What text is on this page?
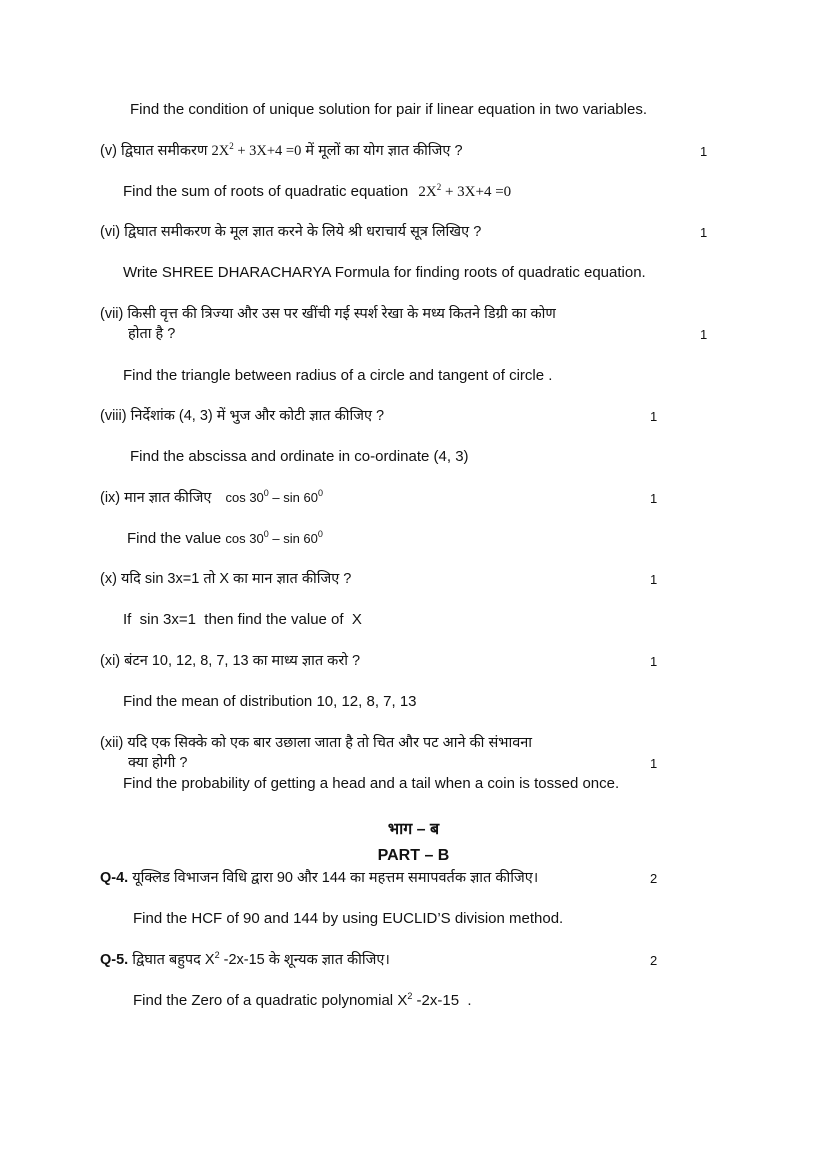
Find the condition of unique solution for pair if linear equation in two variables.
(v) द्विघात समीकरण $2X^2 + 3X+4 =0$ में मूलों का योग ज्ञात कीजिए ?	1
Find the sum of roots of quadratic equation $2X^2 + 3X+4 =0$
(vi) द्विघात समीकरण के मूल ज्ञात करने के लिये श्री धराचार्य सूत्र लिखिए ?	1
Write SHREE DHARACHARYA Formula for finding roots of quadratic equation.
(vii) किसी वृत्त की त्रिज्या और उस पर खींची गई स्पर्श रेखा के मध्य कितने डिग्री का कोण
होता है ?	1
Find the triangle between radius of a circle and tangent of circle .
(viii) निर्देशांक (4, 3) में भुज और कोटी ज्ञात कीजिए ?	1
Find the abscissa and ordinate in co-ordinate (4, 3)
(ix) मान ज्ञात कीजिए $\cos 30^0$ – $\sin 60^0$	1
Find the value $\cos 30^0$ – $\sin 60^0$
(x) यदि sin 3x=1 तो X का मान ज्ञात कीजिए ?	1
If  sin 3x=1  then find the value of  X
(xi) बंटन 10, 12, 8, 7, 13 का माध्य ज्ञात करो ?	1
Find the mean of distribution 10, 12, 8, 7, 13
(xii) यदि एक सिक्के को एक बार उछाला जाता है तो चित और पट आने की संभावना
क्या होगी ?	1
Find the probability of getting a head and a tail when a coin is tossed once.
भाग – ब
PART – B
Q-4. यूक्लिड विभाजन विधि द्वारा 90 और 144 का महत्तम समापवर्तक ज्ञात कीजिए।	2
Find the HCF of 90 and 144 by using EUCLID’S division method.
Q-5. द्विघात बहुपद $X^2$ -2x-15 के शून्यक ज्ञात कीजिए।	2
Find the Zero of a quadratic polynomial $X^2$ -2x-15  .
